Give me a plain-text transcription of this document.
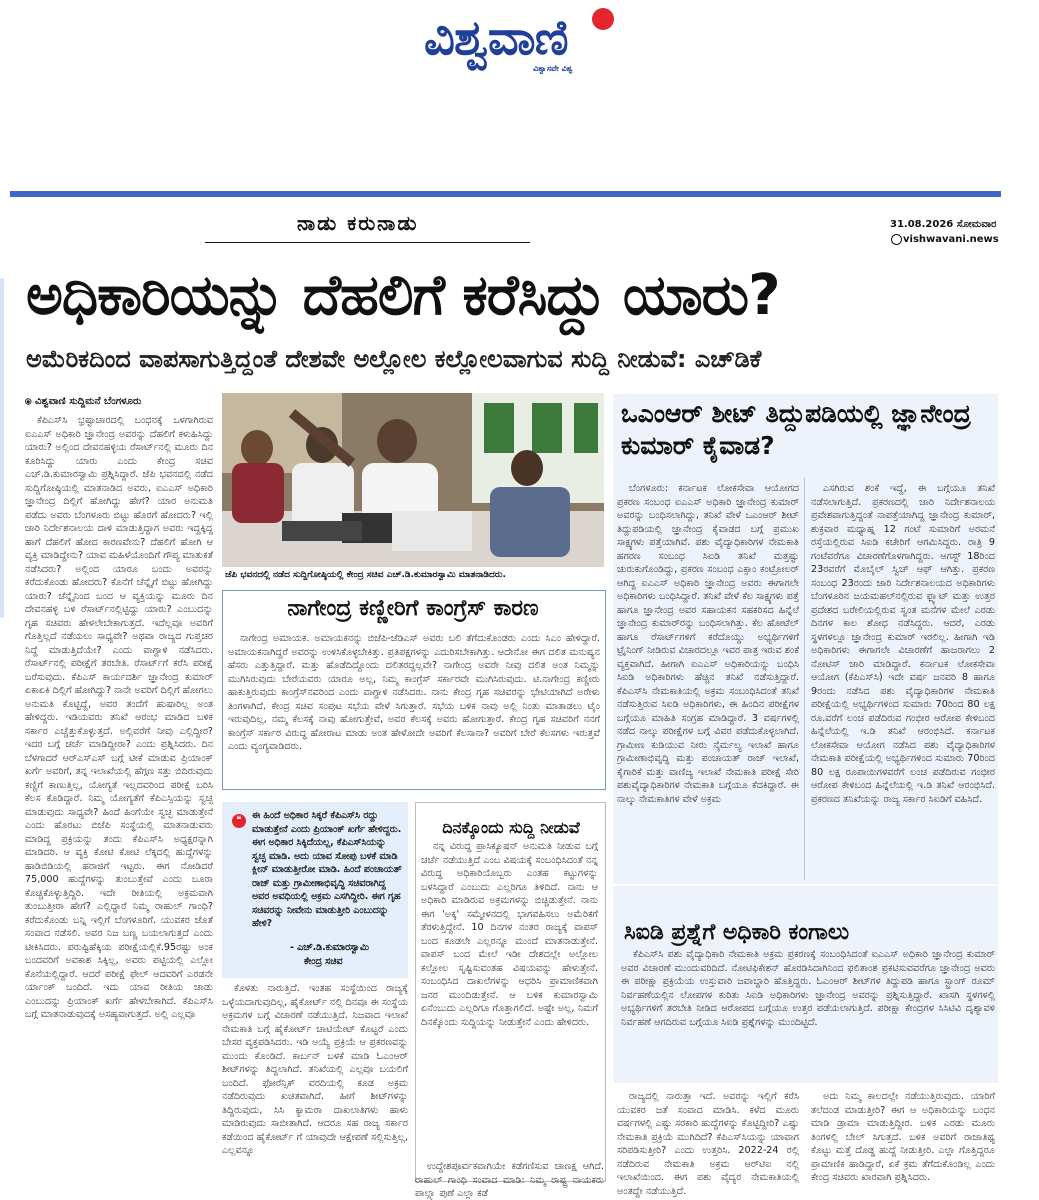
ವಿಶ್ವವಾಣಿ
ವಿಶ್ವಾಸವೇ ವಿಶ್ವ
ನಾಡು ಕರುನಾಡು	31.08.2026 ಸೋಮವಾರ
vishwavani.news
ಅಧಿಕಾರಿಯನ್ನು ದೆಹಲಿಗೆ ಕರೆಸಿದ್ದು ಯಾರು?
ಅಮೆರಿಕದಿಂದ ವಾಪಸಾಗುತ್ತಿದ್ದಂತೆ ದೇಶವೇ ಅಲ್ಲೋಲ ಕಲ್ಲೋಲವಾಗುವ ಸುದ್ದಿ ನೀಡುವೆ: ಎಚ್‌ಡಿಕೆ
⦿ ವಿಶ್ವವಾಣಿ ಸುದ್ದಿಮನೆ ಬೆಂಗಳೂರು

ಕೆಪಿಎಸ್‌ಸಿ ಭ್ರಷ್ಟಾಚಾರದಲ್ಲಿ ಬಂಧನಕ್ಕೆ ಒಳಗಾಗಿರುವ ಐಎಎಸ್ ಅಧಿಕಾರಿ ಜ್ಞಾನೇಂದ್ರ ಅವರನ್ನು ದೆಹಲಿಗೆ ಕಳುಹಿಸಿದ್ದು ಯಾರು? ಅಲ್ಲಿಂದ ದೇವನಹಳ್ಳಿಯ ರೆಸಾರ್ಟ್‌ನಲ್ಲಿ ಮೂರು ದಿನ ಕೂರಿಸಿದ್ದು ಯಾರು ಎಂದು ಕೇಂದ್ರ ಸಚಿವ ಎಚ್.ಡಿ.ಕುಮಾರಸ್ವಾಮಿ ಪ್ರಶ್ನಿಸಿದ್ದಾರೆ. ಜೆಪಿ ಭವನದಲ್ಲಿ ನಡೆದ ಸುದ್ದಿಗೋಷ್ಠಿಯಲ್ಲಿ ಮಾತನಾಡಿದ ಅವರು, ಐಎಎಸ್ ಅಧಿಕಾರಿ ಜ್ಞಾನೇಂದ್ರ ದಿಲ್ಲಿಗೆ ಹೋಗಿದ್ದು ಹೇಗೆ? ಯಾರ ಅನುಮತಿ ಪಡೆದು ಅವರು ಬೆಂಗಳೂರು ಬಿಟ್ಟು ಹೊರಗೆ ಹೋದರು? ಇಲ್ಲಿ ಜಾರಿ ನಿರ್ದೇಶನಾಲಯ ದಾಳಿ ಮಾಡುತ್ತಿದ್ದಾಗ ಅವರು ಇದ್ದಕ್ಕಿದ್ದ ಹಾಗೆ ದೆಹಲಿಗೆ ಹೋದ ಕಾರಣವೇನು? ದೆಹಲಿಗೆ ಹೋಗಿ ಆ ವ್ಯಕ್ತಿ ಮಾಡಿದ್ದೇನು? ಯಾವ ಮಹಿಳೆಯೊಂದಿಗೆ ಗೌಪ್ಯ ಮಾತುಕತೆ ನಡೆಸಿದರು? ಅಲ್ಲಿಂದ ಯಾರೂ ಬಂದು ಅವರನ್ನು ಕರೆದುಕೊಂಡು ಹೋದರು? ಕೊನೆಗೆ ಚೆನ್ನೈಗೆ ಬಿಟ್ಟು ಹೋಗಿದ್ದು ಯಾರು? ಚೆನ್ನೈನಿಂದ ಬಂದ ಆ ವ್ಯಕ್ತಿಯನ್ನು ಮೂರು ದಿನ ದೇವನಹಳ್ಳಿ ಬಳಿ ರೆಸಾರ್ಟ್‌ನಲ್ಲಿಟ್ಟಿದ್ದು ಯಾರು? ಎಂಬುದನ್ನು ಗೃಹ ಸಚಿವರು ಹೇಳಲೇಬೇಕಾಗುತ್ತದೆ. ಇದೆಲ್ಲವೂ ಅವರಿಗೆ ಗೊತ್ತಿಲ್ಲದೆ ನಡೆಯಲು ಸಾಧ್ಯವೇ? ಅಥವಾ ರಾಜ್ಯದ ಗುಪ್ತಚರ ನಿದ್ದೆ ಮಾಡುತ್ತಿದೆಯೇ? ಎಂದು ವಾಗ್ದಾಳಿ ನಡೆಸಿದರು. ರೆಸಾರ್ಟ್‌ನಲ್ಲಿ ಪರೀಕ್ಷೆಗೆ ತರಬೇತಿ. ರೆಸಾರ್ಟ್‌ಗೆ ಕರೆಸಿ ಪರೀಕ್ಷೆ ಬರೆಸುವುದು. ಕೆಪಿಎಸ್ ಕಾರ್ಯದರ್ಶಿ ಜ್ಞಾನೇಂದ್ರ ಕುಮಾರ್ ಏಕಾಏಕಿ ದಿಲ್ಲಿಗೆ ಹೋಗಿದ್ದು? ನಾನೇ ಅವರಿಗೆ ದಿಲ್ಲಿಗೆ ಹೋಗಲು ಅನುಮತಿ ಕೊಟ್ಟಿದ್ದೆ, ಅವರ ತಂದೆಗೆ ಹುಷಾರಿಲ್ಲ ಅಂತ ಹೇಳಿದ್ದರು. ಇಡಿಯವರು ತನಿಖೆ ಆರಂಭ ಮಾಡಿದ ಬಳಿಕ ಸರ್ಕಾರ ಎಚ್ಚೆತ್ತುಕೊಳ್ಳುತ್ತದೆ. ಅಲ್ಲಿವರೆಗೆ ನೀವು ಎಲ್ಲಿದ್ದೀರ? ಇದರ ಬಗ್ಗೆ ಚರ್ಚೆ ಮಾಡಿದ್ದೀರಾ? ಎಂದು ಪ್ರಶ್ನಿಸಿದರು. ದಿನ ಬೆಳಗಾದರೆ ಆರ್‌ಎಸ್‌ಎಸ್ ಬಗ್ಗೆ ಟೀಕೆ ಮಾಡುವ ಪ್ರಿಯಾಂಕ್ ಖರ್ಗೆ ಅವರಿಗೆ, ತನ್ನ ಇಲಾಖೆಯಲ್ಲಿ ಹೆಗ್ಗಣ ಸತ್ತು ಬಿದಿರುವುದು ಕಣ್ಣಿಗೆ ಕಾಣುತ್ತಿಲ್ಲ, ಯೋಗ್ಯತೆ ಇಲ್ಲದವರಿಂದ ಪರೀಕ್ಷೆ ಬರಿಸಿ ಕೆಲಸ ಕೊಡಿದ್ದಾರೆ. ನಿಮ್ಮ ಯೋಗ್ಯತೆಗೆ ಕೆಪಿಎಸ್ಸಿಯನ್ನು ಸ್ವಚ್ಛ ಮಾಡುವುದು ಸಾಧ್ಯವೇ? ಹಿಂದೆ ಹಿಂಗೆಯೇ ಸ್ವಚ್ಛ ಮಾಡುತ್ತೇನೆ ಎಂದು ಹೊರಟು ಬಿಜೆಪಿ ಸಂಸ್ಥೆಯಲ್ಲಿ ಮಾತನಾಡುವರು ಮಾಡಿದ್ದ ಪ್ರಕ್ರಿಯನ್ನು ತಂದು ಕೆಪಿಎಸ್‌ಸಿ ಅಧ್ಯಕ್ಷರನ್ನಾಗಿ ಮಾಡಿದರಿ. ಆ ವ್ಯಕ್ತಿ ಕೋಟಿ ಕೋಟಿ ಲೆಕ್ಕದಲ್ಲಿ ಹುದ್ದೆಗಳನ್ನು ಹಾಡಿಬಿಡಿಯಲ್ಲಿ ಹರಾಜಿಗೆ ಇಟ್ಟರು. ಈಗ ನೋಡಿದರೆ 75,000 ಹುದ್ದೆಗಳನ್ನು ತುಂಬುತ್ತೇವೆ ಎಂದು ಬೂರಾ ಕೊಚ್ಚಿಕೊಳ್ಳುತ್ತಿದ್ದಿರಿ. ಇದೇ ರೀತಿಯಲ್ಲಿ ಅಕ್ರಮವಾಗಿ ತುಂಬುತ್ತೀರಾ ಹೇಗೆ? ಎಲ್ಲಿದ್ದಾರೆ ನಿಮ್ಮ ರಾಹುಲ್ ಗಾಂಧಿ? ಕರೆದುಕೊಂಡು ಬನ್ನಿ ಇಲ್ಲಿಗೆ ಬೆಂಗಳೂರಿಗೆ. ಯುವಕರ ಜೊತೆ ಸಂವಾದ ನಡೆಸಲಿ. ಅವರ ನಿಜ ಬಣ್ಣ ಬಯಲಾಗುತ್ತದೆ ಎಂದು ಟೀಕಿಸಿದರು. ಪರುಷ್ಟಿಹೆಕ್ಕಿಯ ಪರೀಕ್ಷೆಯಲ್ಲಿಕೆ.95ರಷ್ಟು ಅಂಕ ಬಂದವರಿಗೆ ಅವಕಾಶ ಸಿಕ್ಕಿಲ್ಲ, ಅವರು ಪಟ್ಟಿಯಲ್ಲಿ ಎಲ್ಲೋ ಕೊನೆಯಲ್ಲಿದ್ದಾರೆ. ಆದರೆ ಪರೀಕ್ಷೆ ಫೇಲ್ ಆದವರಿಗೆ ಎರಡನೇ ರ್ಯಾಂಕ್ ಬಂದಿದೆ. ಇದು ಯಾವ ರೀತಿಯ ಜಾಡು ಎಂಬುದನ್ನು ಪ್ರಿಯಾಂಕ್ ಖರ್ಗೆ ಹೇಳಬೇಕಾಗಿದೆ. ಕೆಪಿಎಸ್‌ಸಿ ಬಗ್ಗೆ ಮಾತನಾಡುವುದಕ್ಕೆ ಅಸಹ್ಯವಾಗುತ್ತದೆ. ಅಲ್ಲಿ ಎಲ್ಲವೂ

ಜೆಪಿ ಭವನದಲ್ಲಿ ನಡೆದ ಸುದ್ದಿಗೋಷ್ಠಿಯಲ್ಲಿ ಕೇಂದ್ರ ಸಚಿವ ಎಚ್.ಡಿ.ಕುಮಾರಸ್ವಾಮಿ ಮಾತನಾಡಿದರು.
ನಾಗೇಂದ್ರ ಕಣ್ಣೀರಿಗೆ ಕಾಂಗ್ರೆಸ್ ಕಾರಣ

ನಾಗೇಂದ್ರ ಅಮಾಯಕ. ಅಮಾಯಕನನ್ನು ಬಿಜೆಪಿ-ಜೆಡಿಎಸ್ ಅವರು ಬಲಿ ತೆಗೆದುಕೊಂಡರು ಎಂದು ಸಿಎಂ ಹೇಳಿದ್ದಾರೆ. ಅಮಾಯಕನಾಗಿದ್ದರೆ ಅವರನ್ನು ಉಳಿಸಿಕೊಳ್ಳಬೇಕಿತ್ತು. ಪ್ರತಿಪಕ್ಷಗಳನ್ನು ಎದುರಿಸಬೇಕಾಗಿತ್ತು. ಆದೇನೋ ಈಗ ದಲಿತ ಮನುಷ್ಯನ ಹೆಸರು ಎತ್ತುತ್ತಿದ್ದಾರೆ. ಮತ್ತು ಹೊಡೆದಿದ್ದೊಂದು ದಲಿತರದ್ದಲ್ಲವೇ? ನಾಗೇಂದ್ರ ಅವರೇ ನೀವು ದಲಿತ ಅಂತ ನಿಮ್ಮನ್ನು ಮುಗಿಸಿರುವುದು ಬೇರೆಯವರು ಯಾರೂ ಅಲ್ಲ, ನಿಮ್ಮ ಕಾಂಗ್ರೆಸ್ ಸರ್ಕಾರವೇ ಮುಗಿಸಿರುವುದು. ಟಿ.ನಾಗೇಂದ್ರ ಕಣ್ಣೀರು ಹಾಕುತ್ತಿರುವುದು ಕಾಂಗ್ರೆಸ್‌ನವರಿಂದ ಎಂದು ವಾಗ್ದಾಳಿ ನಡೆಸಿದರು. ನಾನು ಕೇಂದ್ರ ಗೃಹ ಸಚಿವರನ್ನು ಭೇಟಿಯಾಗಿದೆ ಅರೇಳು ತಿಂಗಳಾಗಿದೆ. ಕೇಂದ್ರ ಸಚಿವ ಸಂಪುಟ ಸಭೆಯ ವೇಳೆ ಸಿಗುತ್ತಾರೆ. ಸಭೆಯ ಬಳಿಕ ನಾವು ಅಲ್ಲಿ ನಿಂತು ಮಾತಾಡಲು ಟೈಂ ಇರುವುದಿಲ್ಲ, ನಮ್ಮ ಕೆಲಸಕ್ಕೆ ನಾವು ಹೋಗುತ್ತೇವೆ, ಅವರ ಕೆಲಸಕ್ಕೆ ಅವರು ಹೋಗುತ್ತಾರೆ. ಕೇಂದ್ರ ಗೃಹ ಸಚಿವರಿಗೆ ನನಗೆ ಕಾಂಗ್ರೆಸ್ ಸರ್ಕಾರ ವಿರುದ್ಧ ಹೋರಾಟ ಮಾಡು ಅಂತ ಹೇಳೋದೇ ಅವರಿಗೆ ಕೆಲಸಾನಾ? ಅವರಿಗೆ ಬೇರೆ ಕೆಲಸಗಳು ಇರುತ್ತವೆ ಎಂದು ವ್ಯಂಗ್ಯವಾಡಿದರು.

❝	ಈ ಹಿಂದೆ ಅಧಿಕಾರ ಸಿಕ್ಕರೆ ಕೆಪಿಎಸ್‌ಸಿ ರದ್ದು ಮಾಡುತ್ತೇನೆ ಎಂದು ಪ್ರಿಯಾಂಕ್ ಖರ್ಗೆ ಹೇಳಿದ್ದರು. ಈಗ ಅಧಿಕಾರ ಸಿಕ್ಕಿದೆಯಲ್ಲ, ಕೆಪಿಎಸ್‌ಸಿಯನ್ನು ಸ್ವಚ್ಛ ಮಾಡಿ. ಅದು ಯಾವ ಸೋಪು ಬಳಕೆ ಮಾಡಿ ಕ್ಲೀನ್ ಮಾಡುತ್ತೀರೋ ಮಾಡಿ. ಹಿಂದೆ ಪಂಚಾಯತ್ ರಾಜ್ ಮತ್ತು ಗ್ರಾಮೀಣಾಭಿವೃದ್ಧಿ ಸಚಿವರಾಗಿದ್ದ ಅವರ ಅವಧಿಯಲ್ಲಿ ಅಕ್ರಮ ಎಸಗಿದ್ದೀರಿ. ಈಗ ಗೃಹ ಸಚಿವರನ್ನು ನೀವೇನು ಮಾಡುತ್ತೀರಿ ಎಂಬುದನ್ನು ಹೇಳಿ?
- ಎಚ್.ಡಿ.ಕುಮಾರಸ್ವಾಮಿ
ಕೇಂದ್ರ ಸಚಿವ

ಕೊಳತು ನಾರುತ್ತಿದೆ. ಇಂತಹ ಸಂಸ್ಥೆಯಿಂದ ರಾಜ್ಯಕ್ಕೆ ಒಳ್ಳೆಯದಾಗುವುದಿಲ್ಲ, ಹೈಕೋರ್ಟ್ ನಲ್ಲಿ ದಿನವೂ ಈ ಸಂಸ್ಥೆಯ ಅಕ್ರಮಗಳ ಬಗ್ಗೆ ವಿಚಾರಣೆ ನಡೆಯುತ್ತಿದೆ. ನಿಜವಾದ ಇಲಾಖೆ ನೇಮಕಾತಿ ಬಗ್ಗೆ ಹೈಕೋರ್ಟ್ ಚಾಟಿಯೇಟ್ ಕೊಟ್ಟರೆ ಎಂದು ಬೇಸರ ವ್ಯಕ್ತಪಡಿಸಿದರು. ಇಡಿ ಅಯ್ಯೆ ಪ್ರಕ್ರಿಯೆ ಆ ಪ್ರಕರಣವನ್ನು ಮುಂದು ಕೊಂಡಿದೆ. ಕಾರ್ಬನ್ ಬಳಕೆ ಮಾಡಿ ಓಎಂಆರ್ ಶೀಟ್‌ಗಳನ್ನು ತಿದ್ದಲಾಗಿದೆ. ತನಿಖೆಯಲ್ಲಿ ಎಲ್ಲವೂ ಬಯಲಿಗೆ ಬಂದಿದೆ. ಫೋರೆನ್ಸಿಕ್ ವರದಿಯಲ್ಲಿ ಕೂಡ ಅಕ್ರಮ ನಡೆದಿರುವುದು ಖಚಿತವಾಗಿದೆ. ಹೀಗೆ ಶೀಟ್‌ಗಳನ್ನು ತಿದ್ದಿರುವುದು, ಸಿಸಿ ಕ್ಯಾಮರಾ ದಾಖಲಾತಿಗಳು ಹಾಳು ಮಾಡಿರುವುದು ಸಾಬೀತಾಗಿದೆ. ಆದರೂ ಸಹ ರಾಜ್ಯ ಸರ್ಕಾರ ಕಡೆಯಿಂದ ಹೈಕೋರ್ಟ್ ಗೆ ಯಾವುದೇ ಆಕ್ಷೇಪಣೆ ಸಲ್ಲಿಸುತ್ತಿಲ್ಲ, ಎಲ್ಲವನ್ನೂ

ದಿನಕ್ಕೊಂದು ಸುದ್ದಿ ನೀಡುವೆ

ನನ್ನ ವಿರುದ್ಧ ಪ್ರಾಸಿಕ್ಯೂಷನ್ ಅನುಮತಿ ನೀಡುವ ಬಗ್ಗೆ ಚರ್ಚೆ ನಡೆಯುತ್ತಿದೆ ಎಂಬ ವಿಷಯಕ್ಕೆ ಸಂಬಂಧಿಸಿದಂತೆ ನನ್ನ ವಿರುದ್ಧ ಅಧಿಕಾರಿಯೊಬ್ಬರು ಎಂತಹ ಕಟ್ಟುಗಳನ್ನು ಬಳಸಿದ್ದಾರೆ ಎಂಬುದು ಎಲ್ಲರಿಗೂ ತಿಳಿದಿದೆ. ನಾನು ಆ ಅಧಿಕಾರಿ ಮಾಡಿರುವ ಅಕ್ರಮಗಳನ್ನು ಬಿಚ್ಚಿಡುತ್ತೇನೆ. ನಾನು ಈಗ 'ಅಕ್ಕ' ಸಮ್ಮೇಳನದಲ್ಲಿ ಭಾಗವಹಿಸಲು ಅಮೆರಿಕಗೆ ತೆರಳುತ್ತಿದ್ದೇನೆ. 10 ದಿನಗಳ ನಂತರ ರಾಜ್ಯಕ್ಕೆ ವಾಪಸ್ ಬಂದ ಕೂಡಲೇ ಎಲ್ಲರನ್ನೂ ಮುಂದೆ ಮಾತನಾಡುತ್ತೇನೆ. ವಾಪಸ್ ಬಂದ ಮೇಲೆ ಇಡೀ ದೇಶದಲ್ಲೇ ಅಲ್ಲೋಲ ಕಲ್ಲೋಲ ಸೃಷ್ಟಿಸುವಂತಹ ವಿಷಯವನ್ನು ಹೇಳುತ್ತೇನೆ. ಸಂಬಂಧಿಸಿದ ದಾಖಲೆಗಳನ್ನು ಆಧರಿಸಿ ಪ್ರಾಮಾಣಿಕವಾಗಿ ಜನರ ಮುಂದಿಡುತ್ತೇನೆ. ಆ ಬಳಿಕ ಕುಮಾರಸ್ವಾಮಿ ಏನೆಂಬುದು ಎಲ್ಲರಿಗೂ ಗೊತ್ತಾಗಲಿದೆ. ಅಷ್ಟೇ ಅಲ್ಲ, ನಿಮಗೆ ದಿನಕ್ಕೊಂದು ಸುದ್ದಿಯನ್ನು ನೀಡುತ್ತೇನೆ ಎಂದು ಹೇಳಿದರು.

ಉದ್ದೇಶಪೂರ್ವಕವಾಗಿಯೇ ಕಡೆಗಣಿಸುವ ಚಾಣಕ್ಷ ಆಗಿದೆ. ರಾಹುಲ್ ಗಾಂಧಿ ಸಂವಾದ ಮಾಡಿ: ನಿಮ್ಮ ರಾಷ್ಟ್ರ ನಾಯಕರು ಪಾಲ್ಗ್ಯಾ ಪುಣೆ ಎಲ್ಲಾ ಕಡೆ

ಒಎಂಆರ್ ಶೀಟ್ ತಿದ್ದುಪಡಿಯಲ್ಲಿ ಜ್ಞಾನೇಂದ್ರ ಕುಮಾರ್ ಕೈವಾಡ?

ಬೆಂಗಳೂರು: ಕರ್ನಾಟಕ ಲೋಕಸೇವಾ ಆಯೋಗದ ಪ್ರಕರಣ ಸಂಬಂಧ ಐಎಎಸ್ ಅಧಿಕಾರಿ ಜ್ಞಾನೇಂದ್ರ ಕುಮಾರ್ ಅವರನ್ನು ಬಂಧಿಸಲಾಗಿದ್ದು, ತನಿಖೆ ವೇಳೆ ಒಎಂಆರ್ ಶೀಟ್ ತಿದ್ದುಪಡಿಯಲ್ಲಿ ಜ್ಞಾನೇಂದ್ರ ಕೈವಾಡದ ಬಗ್ಗೆ ಪ್ರಮುಖ ಸಾಕ್ಷ್ಯಗಳು ಪತ್ತೆಯಾಗಿವೆ. ಪಶು ವೈದ್ಯಾಧಿಕಾರಿಗಳ ನೇಮಕಾತಿ ಹಗರಣ ಸಂಬಂಧ ಸಿಐಡಿ ತನಿಖೆ ಮತ್ತಷ್ಟು ಚುರುಕುಗೊಂಡಿದ್ದು, ಪ್ರಕರಣ ಸಂಬಂಧ ಎಕ್ಸಾಂ ಕಂಟ್ರೋಲರ್ ಆಗಿದ್ದ ಐಎಎಸ್ ಅಧಿಕಾರಿ ಜ್ಞಾನೇಂದ್ರ ಅವರು ಈಗಾಗಲೇ ಅಧಿಕಾರಿಗಳು ಬಂಧಿಸಿದ್ದಾರೆ. ತನಿಖೆ ವೇಳೆ ಕೆಲ ಸಾಕ್ಷ್ಯಗಳು ಪತ್ತೆ ಹಾಗೂ ಜ್ಞಾನೇಂದ್ರ ಅವರ ಸಹಾಯಕನ ಸಹಕರಿಸದ ಹಿನ್ನೆಲೆ ಜ್ಞಾನೇಂದ್ರ ಕುಮಾರ್‌ರನ್ನು ಬಂಧಿಸಲಾಗಿತ್ತು. ಕೆಲ ಹೋಟೆಲ್ ಹಾಗೂ ರೆಸಾರ್ಟ್‌ಗಳಿಗೆ ಕರೆದೊಯ್ದು ಅಭ್ಯರ್ಥಿಗಳಿಗೆ ಟ್ರೈನಿಂಗ್ ನೀಡಿರುವ ವಿಚಾರದಲ್ಲೂ ಇವರ ಪಾತ್ರ ಇರುವ ಶಂಕೆ ವ್ಯಕ್ತವಾಗಿದೆ. ಹೀಗಾಗಿ ಐಎಎಸ್ ಅಧಿಕಾರಿಯನ್ನು ಬಂಧಿಸಿ ಸಿಐಡಿ ಅಧಿಕಾರಿಗಳು ಹೆಚ್ಚಿನ ತನಿಖೆ ನಡೆಸುತ್ತಿದ್ದಾರೆ. ಕೆಪಿಎಸ್‌ಸಿ ನೇಮಕಾತಿಯಲ್ಲಿ ಅಕ್ರಮ ಸಂಬಂಧಿಸಿದಂತೆ ತನಿಖೆ ನಡೆಸುತ್ತಿರುವ ಸಿಐಡಿ ಅಧಿಕಾರಿಗಳು, ಈ ಹಿಂದಿನ ಪರೀಕ್ಷೆಗಳ ಬಗ್ಗೆಯೂ ಮಾಹಿತಿ ಸಂಗ್ರಹ ಮಾಡಿದ್ದಾರೆ. 3 ವರ್ಷಗಳಲ್ಲಿ ನಡೆದ ನಾಲ್ಕು ಪರೀಕ್ಷೆಗಳ ಬಗ್ಗೆ ವಿವರ ಪಡೆದುಕೊಳ್ಳಲಾಗಿದೆ. ಗ್ರಾಮೀಣ ಕುಡಿಯುವ ನೀರು ನೈರ್ಮಲ್ಯ ಇಲಾಖೆ ಹಾಗೂ ಗ್ರಾಮೀಣಾಭಿವೃದ್ಧಿ ಮತ್ತು ಪಂಚಾಯತ್ ರಾಜ್ ಇಲಾಖೆ, ಕೈಗಾರಿಕೆ ಮತ್ತು ವಾಣಿಜ್ಯ ಇಲಾಖೆ ನೇಮಕಾತಿ ಪರೀಕ್ಷೆ ಸೇರಿ ಪಶುವೈದ್ಯಾಧಿಕಾರಿಗಳ ನೇಮಕಾತಿ ಬಗ್ಗೆಯೂ ಕೆದಕಿದ್ದಾರೆ. ಈ ನಾಲ್ಕು ನೇಮಕಾತಿಗಳ ವೇಳೆ ಅಕ್ರಮ

ಎಸಗಿರುವ ಶಂಕೆ ಇದ್ದೆ, ಈ ಬಗ್ಗೆಯೂ ತನಿಖೆ ನಡೆಸಲಾಗುತ್ತಿದೆ. ಪ್ರಕರಣದಲ್ಲಿ ಜಾರಿ ನಿರ್ದೇಶನಾಲಯ ಪ್ರವೇಶವಾಗುತ್ತಿದ್ದಂತೆ ನಾಪತ್ತೆಯಾಗಿದ್ದ ಜ್ಞಾನೇಂದ್ರ ಕುಮಾರ್, ಶುಕ್ರವಾರ ಮಧ್ಯಾಹ್ನ 12 ಗಂಟೆ ಸುಮಾರಿಗೆ ಅರಮನೆ ರಸ್ತೆಯಲ್ಲಿರುವ ಸಿಐಡಿ ಕಚೇರಿಗೆ ಆಗಮಿಸಿದ್ದರು. ರಾತ್ರಿ 9 ಗಂಟೆವರೆಗೂ ವಿಚಾರಣೆಗೊಳಗಾಗಿದ್ದರು. ಆಗಸ್ಟ್ 18ರಿಂದ 23ರವರೆಗೆ ಮೊಬೈಲ್ ಸ್ವಿಚ್ ಆಫ್ ಆಗಿತ್ತು. ಪ್ರಕರಣ ಸಂಬಂಧ 23ರಂದು ಜಾರಿ ನಿರ್ದೇಶನಾಲಯದ ಅಧಿಕಾರಿಗಳು ಬೆಂಗಳೂರಿನ ಜಯಮಹಲ್‌ನಲ್ಲಿರುವ ಫ್ಲ್ಯಾಟ್ ಮತ್ತು ಉತ್ತರ ಪ್ರದೇಶದ ಬರೇಲಿಯಲ್ಲಿರುವ ಸ್ವಂತ ಮನೆಗಳ ಮೇಲೆ ಎರಡು ದಿನಗಳ ಕಾಲ ಶೋಧ ನಡೆಸಿದ್ದರು. ಆದರೆ, ಎರಡು ಸ್ಥಳಗಳಲ್ಲೂ ಜ್ಞಾನೇಂದ್ರ ಕುಮಾರ್ ಇರಲಿಲ್ಲ. ಹೀಗಾಗಿ ಇಡಿ ಅಧಿಕಾರಿಗಳು ಈಗಾಗಲೇ ವಿಚಾರಣೆಗೆ ಹಾಜರಾಗಲು 2 ನೋಟಿಸ್ ಜಾರಿ ಮಾಡಿದ್ದಾರೆ. ಕರ್ನಾಟಕ ಲೋಕಸೇವಾ ಆಯೋಗ (ಕೆಪಿಎಸ್‌ಸಿ) ಇದೇ ವರ್ಷ ಜನವರಿ 8 ಹಾಗೂ 9ರಂದು ನಡೆಸಿದ ಪಶು ವೈದ್ಯಾಧಿಕಾರಿಗಳ ನೇಮಕಾತಿ ಪರೀಕ್ಷೆಯಲ್ಲಿ ಅಭ್ಯರ್ಥಿಗಳಿಂದ ಸುಮಾರು 70ರಿಂದ 80 ಲಕ್ಷ ರೂ.ವರೆಗೆ ಲಂಚ ಪಡೆದಿರುವ ಗಂಭೀರ ಆರೋಪ ಕೇಳಿಬಂದ ಹಿನ್ನೆಲೆಯಲ್ಲಿ ಇ.ಡಿ ತನಿಖೆ ಆರಂಭಿಸಿದೆ. ಕರ್ನಾಟಕ ಲೋಕಸೇವಾ ಆಯೋಗ ನಡೆಸಿದ ಪಶು ವೈದ್ಯಾಧಿಕಾರಿಗಳ ನೇಮಕಾತಿ ಪರೀಕ್ಷೆಯಲ್ಲಿ ಅಭ್ಯರ್ಥಿಗಳಿಂದ ಸುಮಾರು 70ರಿಂದ 80 ಲಕ್ಷ ರೂಪಾಯಿಗಳವರೆಗೆ ಲಂಚ ಪಡೆದಿರುವ ಗಂಭೀರ ಆರೋಪ ಕೇಳಿಬಂದ ಹಿನ್ನೆಲೆಯಲ್ಲಿ ಇ.ಡಿ ತನಿಖೆ ಆರಂಭಿಸಿದೆ. ಪ್ರಕರಣದ ತನಿಖೆಯನ್ನು ರಾಜ್ಯ ಸರ್ಕಾರ ಸಿಐಡಿಗೆ ವಹಿಸಿದೆ.

ಸಿಐಡಿ ಪ್ರಶ್ನೆಗೆ ಅಧಿಕಾರಿ ಕಂಗಾಲು

ಕೆಪಿಎಸ್‌ಸಿ ಪಶು ವೈದ್ಯಾಧಿಕಾರಿ ನೇಮಕಾತಿ ಅಕ್ರಮ ಪ್ರಕರಣಕ್ಕೆ ಸಂಬಂಧಿಸಿದಂತೆ ಐಎಎಸ್ ಅಧಿಕಾರಿ ಜ್ಞಾನೇಂದ್ರ ಕುಮಾರ್ ಅವರ ವಿಚಾರಣೆ ಮುಂದುವರಿದಿದೆ. ನೋಟಿಫಿಕೇಶನ್ ಹೊರಡಿಸಿದಾಗಿನಿಂದ ಫಲಿತಾಂಶ ಪ್ರಕಟಿಸುವವರೆಗೂ ಜ್ಞಾನೇಂದ್ರ ಅವರು ಈ ಪರೀಕ್ಷಾ ಪ್ರಕ್ರಿಯೆಯ ಉಸ್ತುವಾರಿ ಜವಾಬ್ದಾರಿ ಹೊತ್ತಿದ್ದರು. ಓಎಂಆರ್ ಶೀಟ್‌ಗಳ ತಿದ್ದುಪಡಿ ಹಾಗೂ ಸ್ಟ್ರಾಂಗ್ ರೂಮ್ ನಿರ್ವಹಣೆಯಲ್ಲಿನ ಲೋಪಗಳ ಕುರಿತು ಸಿಐಡಿ ಅಧಿಕಾರಿಗಳು ಜ್ಞಾನೇಂದ್ರ ಅವರನ್ನು ಪ್ರಶ್ನಿಸುತ್ತಿದ್ದಾರೆ. ಖಾಸಗಿ ಸ್ಥಳಗಳಲ್ಲಿ ಅಭ್ಯರ್ಥಿಗಳಿಗೆ ತರಬೇತಿ ನೀಡಿದ ಆರೋಪದ ಬಗ್ಗೆಯೂ ಉತ್ತರ ಪಡೆಯಲಾಗುತ್ತಿದೆ. ಪರೀಕ್ಷಾ ಕೇಂದ್ರಗಳ ಸಿಸಿಟಿವಿ ದೃಶ್ಯಾವಳಿ ನಿರ್ವಹಣೆ ಆಗದಿರುವ ಬಗ್ಗೆಯೂ ಸಿಐಡಿ ಪ್ರಶ್ನೆಗಳನ್ನು ಮುಂದಿಟ್ಟಿದೆ.

ರಾಜ್ಯದಲ್ಲಿ ನಾರುತ್ತಾ ಇದೆ. ಅವರನ್ನು ಇಲ್ಲಿಗೆ ಕರೆಸಿ ಯುವಕರ ಜತೆ ಸಂವಾದ ಮಾಡಿಸಿ. ಕಳೆದ ಮೂರು ವರ್ಷಗಳಲ್ಲಿ ಎಷ್ಟು ಸರಕಾರಿ ಹುದ್ದೆಗಳನ್ನು ಕೊಟ್ಟಿದ್ದೀರಿ? ಎಷ್ಟು ನೇಮಕಾತಿ ಪ್ರಕ್ರಿಯೆ ಮುಗಿದಿದೆ? ಕೆಪಿಎಸ್‌ಸಿಯನ್ನು ಯಾವಾಗ ಸರಿಪಡಿಸುತ್ತೀರಿ? ಎಂದು ಉತ್ತರಿಸಿ. 2022-24 ರಲ್ಲಿ ನಡೆದಿರುವ ನೇಮಕಾತಿ ಅಕ್ರಮ ಆರ್‌ಟಿಐ ನಲ್ಲಿ ಇಲಾಖೆಯಿಂದ. ಈಗ ಪಶು ವೈದ್ಯರ ನೇಮಕಾತಿಯಲ್ಲಿ ಅಂತದ್ದೇ ನಡೆಯುತ್ತಿದೆ.

ಅದು ನಿಮ್ಮ ಕಾಲದಲ್ಲೇ ನಡೆಯುತ್ತಿರುವುದು. ಯಾರಿಗೆ ತಲೆದಂಡ ಮಾಡುತ್ತೀರಿ? ಈಗ ಆ ಅಧಿಕಾರಿಯನ್ನು ಬಂಧನ ಮಾಡಿ ಡ್ರಾಮಾ ಮಾಡುತ್ತಿದ್ದೀರ. ಬಳಿಕ ಎರಡು ಮೂರು ತಿಂಗಳಲ್ಲಿ ಬೇಲ್ ಸಿಗುತ್ತದೆ. ಬಳಿಕ ಅವರಿಗೆ ರಾಜಾತಿಥ್ಯ ಕೊಟ್ಟು ಮತ್ತೆ ದೊಡ್ಡ ಹುದ್ದೆ ನೀಡುತ್ತೀರಿ. ಎಲ್ಲಾ ಗೊತ್ತಿದ್ದರೂ ಪ್ರಾಮಾಣಿಕ ಹಾಡಿದ್ದಾರೆ, ಏಕೆ ಕ್ರಮ ತೆಗೆದುಕೊಂಡಿಲ್ಲ ಎಂದು ಕೇಂದ್ರ ಸಚಿವರು ಖಾರವಾಗಿ ಪ್ರಶ್ನಿಸಿದರು.
